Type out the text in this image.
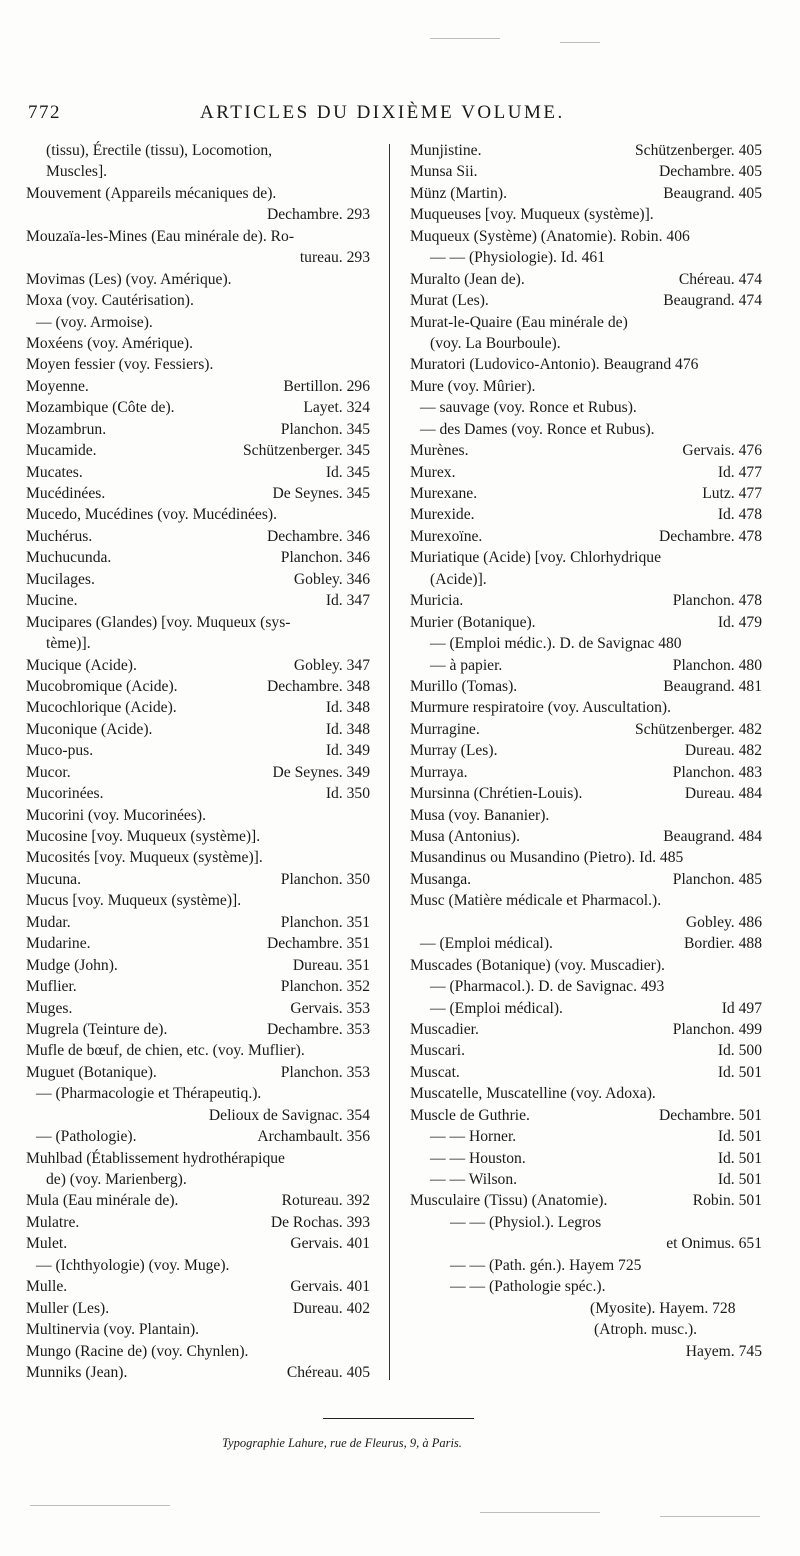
772	ARTICLES DU DIXIÈME VOLUME.
(tissu), Érectile (tissu), Locomotion,
Muscles].
Mouvement (Appareils mécaniques de).
Dechambre. 293
Mouzaïa-les-Mines (Eau minérale de). Ro-
tureau. 293
Movimas (Les) (voy. Amérique).
Moxa (voy. Cautérisation).
— (voy. Armoise).
Moxéens (voy. Amérique).
Moyen fessier (voy. Fessiers).
Moyenne.	Bertillon. 296
Mozambique (Côte de).	Layet. 324
Mozambrun.	Planchon. 345
Mucamide.	Schützenberger. 345
Mucates.	Id. 345
Mucédinées.	De Seynes. 345
Mucedo, Mucédines (voy. Mucédinées).
Muchérus.	Dechambre. 346
Muchucunda.	Planchon. 346
Mucilages.	Gobley. 346
Mucine.	Id. 347
Mucipares (Glandes) [voy. Muqueux (sys-
tème)].
Mucique (Acide).	Gobley. 347
Mucobromique (Acide).	Dechambre. 348
Mucochlorique (Acide).	Id. 348
Muconique (Acide).	Id. 348
Muco-pus.	Id. 349
Mucor.	De Seynes. 349
Mucorinées.	Id. 350
Mucorini (voy. Mucorinées).
Mucosine [voy. Muqueux (système)].
Mucosités [voy. Muqueux (système)].
Mucuna.	Planchon. 350
Mucus [voy. Muqueux (système)].
Mudar.	Planchon. 351
Mudarine.	Dechambre. 351
Mudge (John).	Dureau. 351
Muflier.	Planchon. 352
Muges.	Gervais. 353
Mugrela (Teinture de).	Dechambre. 353
Mufle de bœuf, de chien, etc. (voy. Muflier).
Muguet (Botanique).	Planchon. 353
— (Pharmacologie et Thérapeutiq.).
Delioux de Savignac. 354
— (Pathologie).	Archambault. 356
Muhlbad (Établissement hydrothérapique
de) (voy. Marienberg).
Mula (Eau minérale de).	Rotureau. 392
Mulatre.	De Rochas. 393
Mulet.	Gervais. 401
— (Ichthyologie) (voy. Muge).
Mulle.	Gervais. 401
Muller (Les).	Dureau. 402
Multinervia (voy. Plantain).
Mungo (Racine de) (voy. Chynlen).
Munniks (Jean).	Chéreau. 405
Munjistine.	Schützenberger. 405
Munsa Sii.	Dechambre. 405
Münz (Martin).	Beaugrand. 405
Muqueuses [voy. Muqueux (système)].
Muqueux (Système) (Anatomie). Robin. 406
— — (Physiologie). Id. 461
Muralto (Jean de).	Chéreau. 474
Murat (Les).	Beaugrand. 474
Murat-le-Quaire (Eau minérale de)
(voy. La Bourboule).
Muratori (Ludovico-Antonio). Beaugrand 476
Mure (voy. Mûrier).
— sauvage (voy. Ronce et Rubus).
— des Dames (voy. Ronce et Rubus).
Murènes.	Gervais. 476
Murex.	Id. 477
Murexane.	Lutz. 477
Murexide.	Id. 478
Murexoïne.	Dechambre. 478
Muriatique (Acide) [voy. Chlorhydrique
(Acide)].
Muricia.	Planchon. 478
Murier (Botanique).	Id. 479
— (Emploi médic.). D. de Savignac 480
— à papier.	Planchon. 480
Murillo (Tomas).	Beaugrand. 481
Murmure respiratoire (voy. Auscultation).
Murragine.	Schützenberger. 482
Murray (Les).	Dureau. 482
Murraya.	Planchon. 483
Mursinna (Chrétien-Louis).	Dureau. 484
Musa (voy. Bananier).
Musa (Antonius).	Beaugrand. 484
Musandinus ou Musandino (Pietro). Id. 485
Musanga.	Planchon. 485
Musc (Matière médicale et Pharmacol.).
Gobley. 486
— (Emploi médical).	Bordier. 488
Muscades (Botanique) (voy. Muscadier).
— (Pharmacol.). D. de Savignac. 493
— (Emploi médical).	Id 497
Muscadier.	Planchon. 499
Muscari.	Id. 500
Muscat.	Id. 501
Muscatelle, Muscatelline (voy. Adoxa).
Muscle de Guthrie.	Dechambre. 501
— — Horner.	Id. 501
— — Houston.	Id. 501
— — Wilson.	Id. 501
Musculaire (Tissu) (Anatomie).	Robin. 501
— — (Physiol.). Legros
et Onimus. 651
— — (Path. gén.). Hayem 725
— — (Pathologie spéc.).
(Myosite). Hayem. 728
(Atroph. musc.).
Hayem. 745
Typographie Lahure, rue de Fleurus, 9, à Paris.
